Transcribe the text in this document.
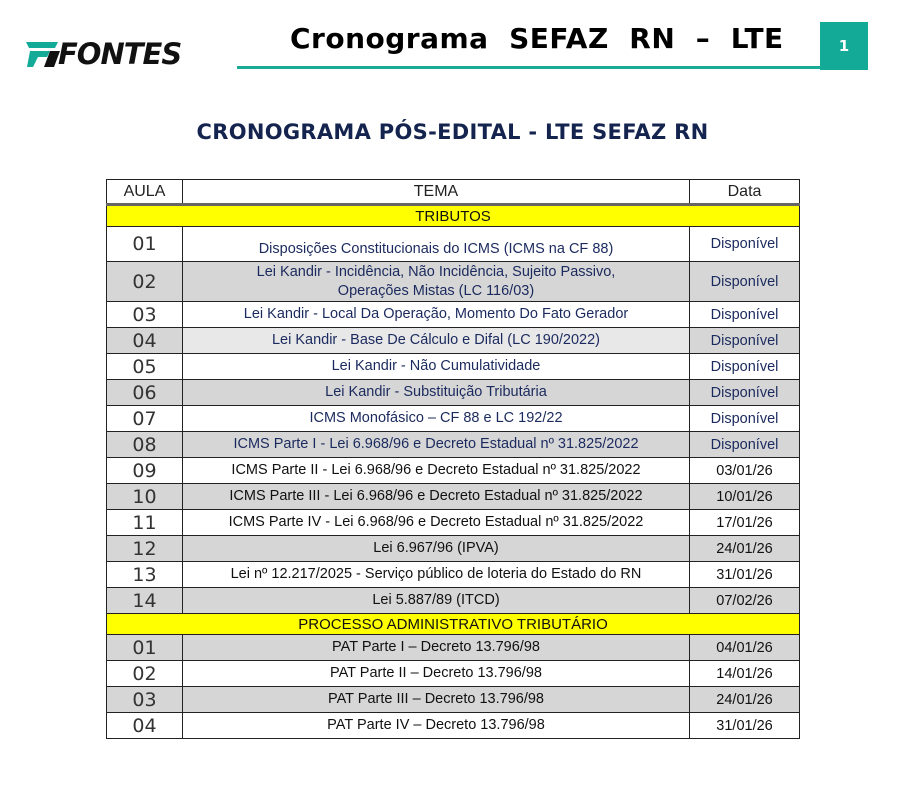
FONTES	Cronograma  SEFAZ  RN  –  LTE	1
CRONOGRAMA PÓS-EDITAL - LTE SEFAZ RN
AULA	TEMA	Data
TRIBUTOS		
01	Disposições Constitucionais do ICMS (ICMS na CF 88)	Disponível
02	Lei Kandir - Incidência, Não Incidência, Sujeito Passivo,
Operações Mistas (LC 116/03)	Disponível
03	Lei Kandir - Local Da Operação, Momento Do Fato Gerador	Disponível
04	Lei Kandir - Base De Cálculo e Difal (LC 190/2022)	Disponível
05	Lei Kandir - Não Cumulatividade	Disponível
06	Lei Kandir - Substituição Tributária	Disponível
07	ICMS Monofásico – CF 88 e LC 192/22	Disponível
08	ICMS Parte I - Lei 6.968/96 e Decreto Estadual nº 31.825/2022	Disponível
09	ICMS Parte II - Lei 6.968/96 e Decreto Estadual nº 31.825/2022	03/01/26
10	ICMS Parte III - Lei 6.968/96 e Decreto Estadual nº 31.825/2022	10/01/26
11	ICMS Parte IV - Lei 6.968/96 e Decreto Estadual nº 31.825/2022	17/01/26
12	Lei 6.967/96 (IPVA)	24/01/26
13	Lei nº 12.217/2025 - Serviço público de loteria do Estado do RN	31/01/26
14	Lei 5.887/89 (ITCD)	07/02/26
PROCESSO ADMINISTRATIVO TRIBUTÁRIO		
01	PAT Parte I – Decreto 13.796/98	04/01/26
02	PAT Parte II – Decreto 13.796/98	14/01/26
03	PAT Parte III – Decreto 13.796/98	24/01/26
04	PAT Parte IV – Decreto 13.796/98	31/01/26
